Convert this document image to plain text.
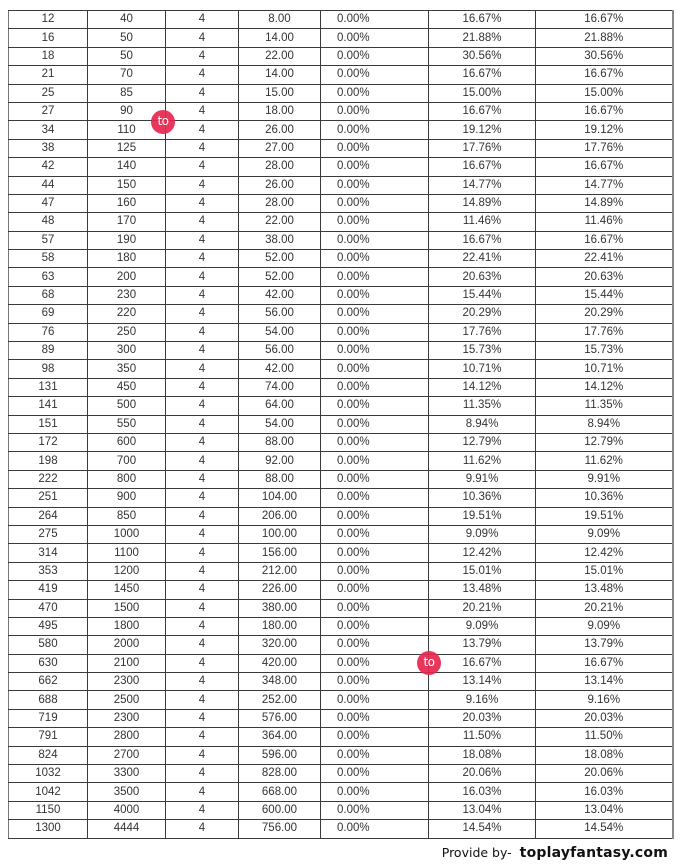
12	40	4	8.00	0.00%	16.67%	16.67%
16	50	4	14.00	0.00%	21.88%	21.88%
18	50	4	22.00	0.00%	30.56%	30.56%
21	70	4	14.00	0.00%	16.67%	16.67%
25	85	4	15.00	0.00%	15.00%	15.00%
27	90	4	18.00	0.00%	16.67%	16.67%
34	110	4	26.00	0.00%	19.12%	19.12%
38	125	4	27.00	0.00%	17.76%	17.76%
42	140	4	28.00	0.00%	16.67%	16.67%
44	150	4	26.00	0.00%	14.77%	14.77%
47	160	4	28.00	0.00%	14.89%	14.89%
48	170	4	22.00	0.00%	11.46%	11.46%
57	190	4	38.00	0.00%	16.67%	16.67%
58	180	4	52.00	0.00%	22.41%	22.41%
63	200	4	52.00	0.00%	20.63%	20.63%
68	230	4	42.00	0.00%	15.44%	15.44%
69	220	4	56.00	0.00%	20.29%	20.29%
76	250	4	54.00	0.00%	17.76%	17.76%
89	300	4	56.00	0.00%	15.73%	15.73%
98	350	4	42.00	0.00%	10.71%	10.71%
131	450	4	74.00	0.00%	14.12%	14.12%
141	500	4	64.00	0.00%	11.35%	11.35%
151	550	4	54.00	0.00%	8.94%	8.94%
172	600	4	88.00	0.00%	12.79%	12.79%
198	700	4	92.00	0.00%	11.62%	11.62%
222	800	4	88.00	0.00%	9.91%	9.91%
251	900	4	104.00	0.00%	10.36%	10.36%
264	850	4	206.00	0.00%	19.51%	19.51%
275	1000	4	100.00	0.00%	9.09%	9.09%
314	1100	4	156.00	0.00%	12.42%	12.42%
353	1200	4	212.00	0.00%	15.01%	15.01%
419	1450	4	226.00	0.00%	13.48%	13.48%
470	1500	4	380.00	0.00%	20.21%	20.21%
495	1800	4	180.00	0.00%	9.09%	9.09%
580	2000	4	320.00	0.00%	13.79%	13.79%
630	2100	4	420.00	0.00%	16.67%	16.67%
662	2300	4	348.00	0.00%	13.14%	13.14%
688	2500	4	252.00	0.00%	9.16%	9.16%
719	2300	4	576.00	0.00%	20.03%	20.03%
791	2800	4	364.00	0.00%	11.50%	11.50%
824	2700	4	596.00	0.00%	18.08%	18.08%
1032	3300	4	828.00	0.00%	20.06%	20.06%
1042	3500	4	668.00	0.00%	16.03%	16.03%
1150	4000	4	600.00	0.00%	13.04%	13.04%
1300	4444	4	756.00	0.00%	14.54%	14.54%
to
to
Provide by- toplayfantasy.com
